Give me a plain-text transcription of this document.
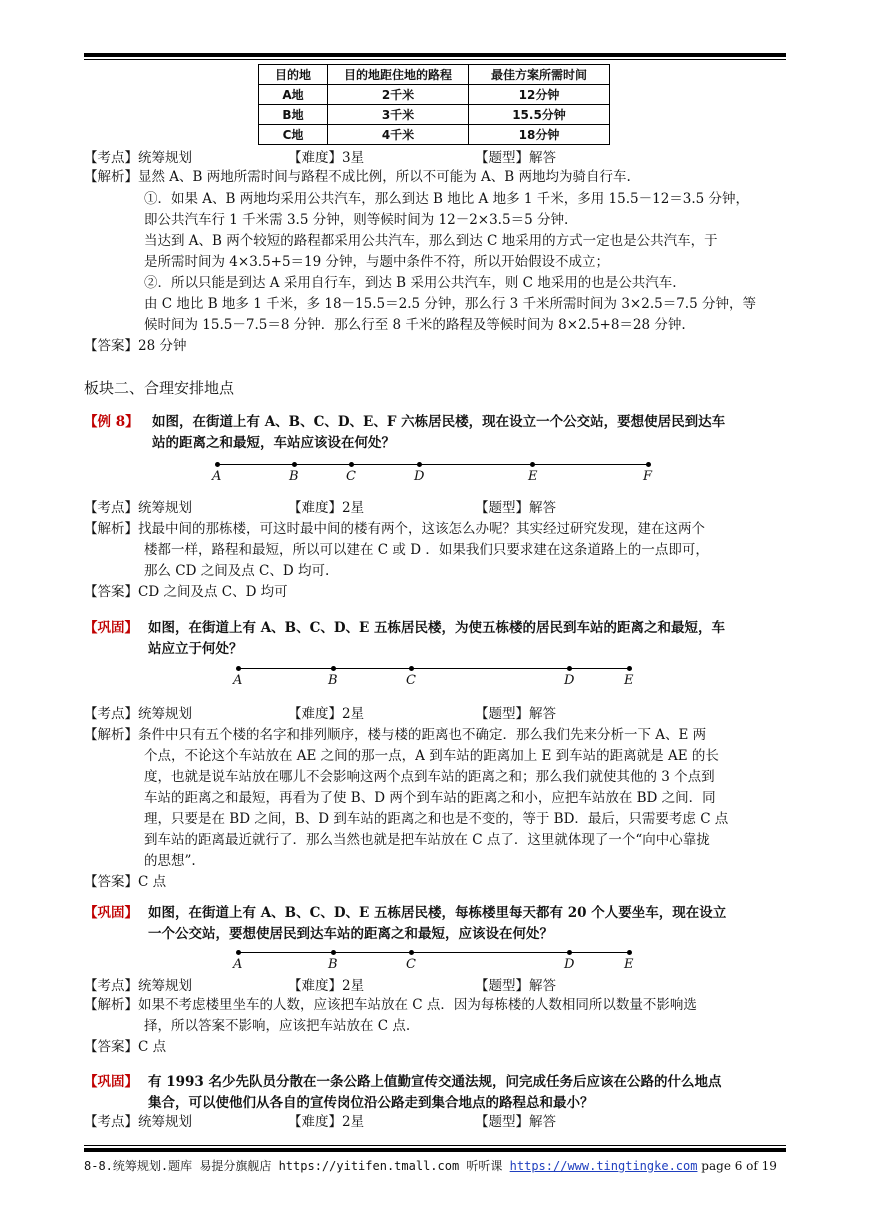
目的地	目的地距住地的路程	最佳方案所需时间
A地	2千米	12分钟
B地	3千米	15.5分钟
C地	4千米	18分钟
【考点】统筹规划	【难度】3星	【题型】解答
【解析】显然 A、B 两地所需时间与路程不成比例，所以不可能为 A、B 两地均为骑自行车.
①．如果 A、B 两地均采用公共汽车，那么到达 B 地比 A 地多 1 千米，多用 15.5－12＝3.5 分钟，
即公共汽车行 1 千米需 3.5 分钟，则等候时间为 12－2×3.5＝5 分钟.
当达到 A、B 两个较短的路程都采用公共汽车，那么到达 C 地采用的方式一定也是公共汽车，于
是所需时间为 4×3.5+5＝19 分钟，与题中条件不符，所以开始假设不成立；
②．所以只能是到达 A 采用自行车，到达 B 采用公共汽车，则 C 地采用的也是公共汽车.
由 C 地比 B 地多 1 千米，多 18－15.5＝2.5 分钟，那么行 3 千米所需时间为 3×2.5＝7.5 分钟，等
候时间为 15.5－7.5＝8 分钟．那么行至 8 千米的路程及等候时间为 8×2.5+8＝28 分钟.
【答案】28 分钟
板块二、合理安排地点
【例 8】 如图，在街道上有 A、B、C、D、E、F 六栋居民楼，现在设立一个公交站，要想使居民到达车
站的距离之和最短，车站应该设在何处？
A	B	C	D	E	F
【考点】统筹规划	【难度】2星	【题型】解答
【解析】找最中间的那栋楼，可这时最中间的楼有两个，这该怎么办呢？其实经过研究发现，建在这两个
楼都一样，路程和最短，所以可以建在 C 或 D ．如果我们只要求建在这条道路上的一点即可，
那么 CD 之间及点 C、D 均可.
【答案】CD 之间及点 C、D 均可
【巩固】 如图，在街道上有 A、B、C、D、E 五栋居民楼，为使五栋楼的居民到车站的距离之和最短，车
站应立于何处？
A	B	C	D	E
【考点】统筹规划	【难度】2星	【题型】解答
【解析】条件中只有五个楼的名字和排列顺序，楼与楼的距离也不确定．那么我们先来分析一下 A、E 两
个点，不论这个车站放在 AE 之间的那一点，A 到车站的距离加上 E 到车站的距离就是 AE 的长
度，也就是说车站放在哪儿不会影响这两个点到车站的距离之和；那么我们就使其他的 3 个点到
车站的距离之和最短，再看为了使 B、D 两个到车站的距离之和小，应把车站放在 BD 之间．同
理，只要是在 BD 之间，B、D 到车站的距离之和也是不变的，等于 BD．最后，只需要考虑 C 点
到车站的距离最近就行了．那么当然也就是把车站放在 C 点了．这里就体现了一个“向中心靠拢
的思想”.
【答案】C 点
【巩固】 如图，在街道上有 A、B、C、D、E 五栋居民楼，每栋楼里每天都有 20 个人要坐车，现在设立
一个公交站，要想使居民到达车站的距离之和最短，应该设在何处？
A	B	C	D	E
【考点】统筹规划	【难度】2星	【题型】解答
【解析】如果不考虑楼里坐车的人数，应该把车站放在 C 点．因为每栋楼的人数相同所以数量不影响选
择，所以答案不影响，应该把车站放在 C 点.
【答案】C 点
【巩固】 有 1993 名少先队员分散在一条公路上值勤宣传交通法规，问完成任务后应该在公路的什么地点
集合，可以使他们从各自的宣传岗位沿公路走到集合地点的路程总和最小？
【考点】统筹规划	【难度】2星	【题型】解答
8-8.统筹规划.题库 易提分旗舰店 https://yitifen.tmall.com 听听课 https://www.tingtingke.com page 6 of 19
